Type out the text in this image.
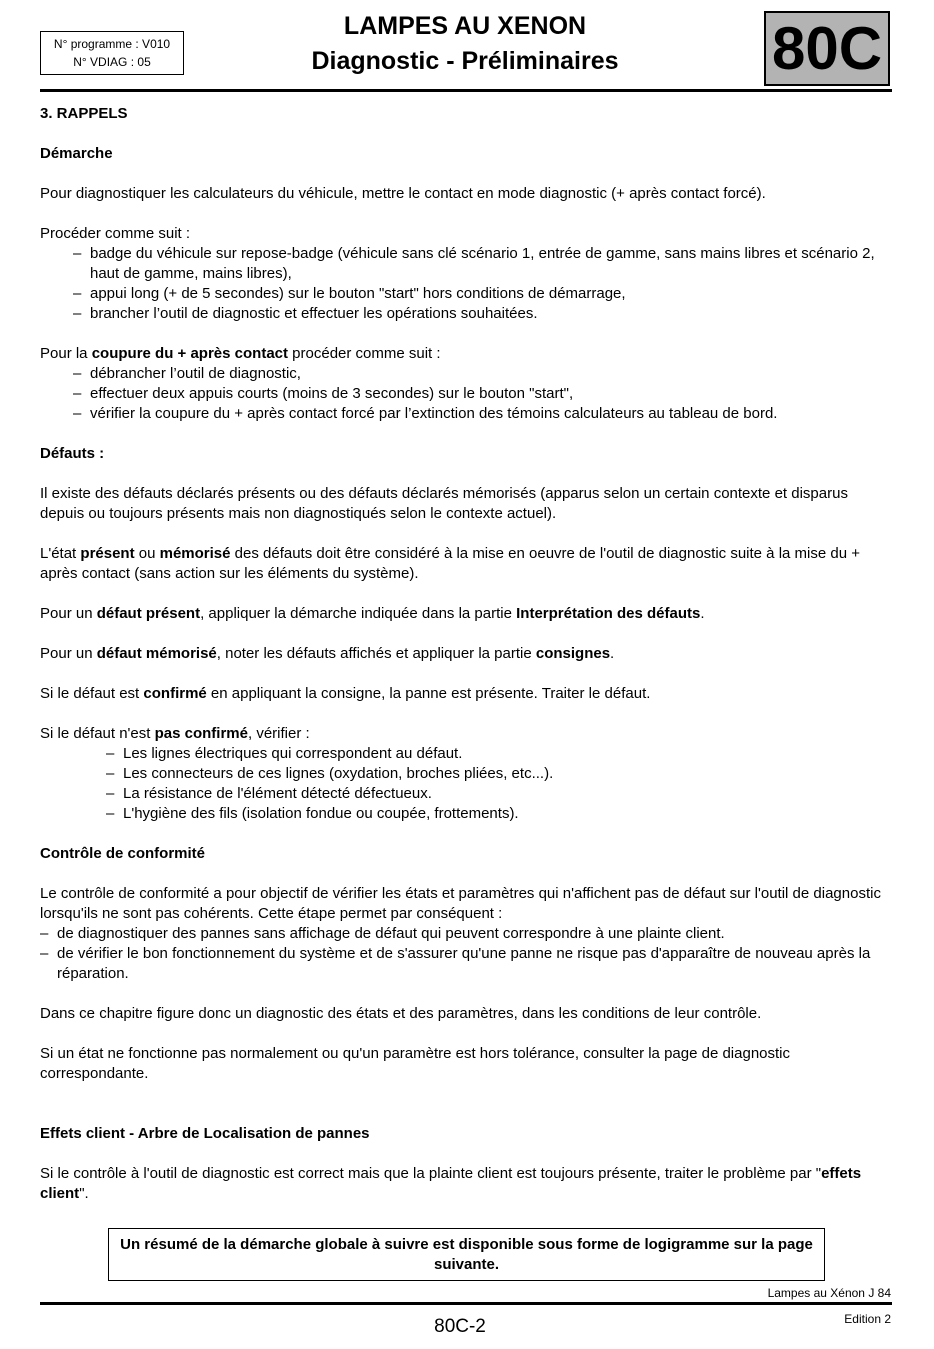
N° programme : V010
N° VDIAG : 05
LAMPES AU XENON
Diagnostic - Préliminaires	80C

3. RAPPELS

Démarche

Pour diagnostiquer les calculateurs du véhicule, mettre le contact en mode diagnostic (+ après contact forcé).

Procéder comme suit :

– badge du véhicule sur repose-badge (véhicule sans clé scénario 1, entrée de gamme, sans mains libres et scénario 2, haut de gamme, mains libres),
– appui long (+ de 5 secondes) sur le bouton "start" hors conditions de démarrage,
– brancher l’outil de diagnostic et effectuer les opérations souhaitées.

Pour la coupure du + après contact procéder comme suit :

– débrancher l’outil de diagnostic,
– effectuer deux appuis courts (moins de 3 secondes) sur le bouton "start",
– vérifier la coupure du + après contact forcé par l’extinction des témoins calculateurs au tableau de bord.

Défauts :

Il existe des défauts déclarés présents ou des défauts déclarés mémorisés (apparus selon un certain contexte et disparus depuis ou toujours présents mais non diagnostiqués selon le contexte actuel).

L'état présent ou mémorisé des défauts doit être considéré à la mise en oeuvre de l'outil de diagnostic suite à la mise du + après contact (sans action sur les éléments du système).

Pour un défaut présent, appliquer la démarche indiquée dans la partie Interprétation des défauts.

Pour un défaut mémorisé, noter les défauts affichés et appliquer la partie consignes.

Si le défaut est confirmé en appliquant la consigne, la panne est présente. Traiter le défaut.

Si le défaut n'est pas confirmé, vérifier :

– Les lignes électriques qui correspondent au défaut.
– Les connecteurs de ces lignes (oxydation, broches pliées, etc...).
– La résistance de l'élément détecté défectueux.
– L'hygiène des fils (isolation fondue ou coupée, frottements).

Contrôle de conformité

Le contrôle de conformité a pour objectif de vérifier les états et paramètres qui n'affichent pas de défaut sur l'outil de diagnostic lorsqu'ils ne sont pas cohérents. Cette étape permet par conséquent :

– de diagnostiquer des pannes sans affichage de défaut qui peuvent correspondre à une plainte client.
– de vérifier le bon fonctionnement du système et de s'assurer qu'une panne ne risque pas d'apparaître de nouveau après la réparation.

Dans ce chapitre figure donc un diagnostic des états et des paramètres, dans les conditions de leur contrôle.

Si un état ne fonctionne pas normalement ou qu'un paramètre est hors tolérance, consulter la page de diagnostic correspondante.

Effets client - Arbre de Localisation de pannes

Si le contrôle à l'outil de diagnostic est correct mais que la plainte client est toujours présente, traiter le problème par "effets client".

Un résumé de la démarche globale à suivre est disponible sous forme de logigramme sur la page suivante.
Lampes au Xénon J 84
80C-2	Edition 2
